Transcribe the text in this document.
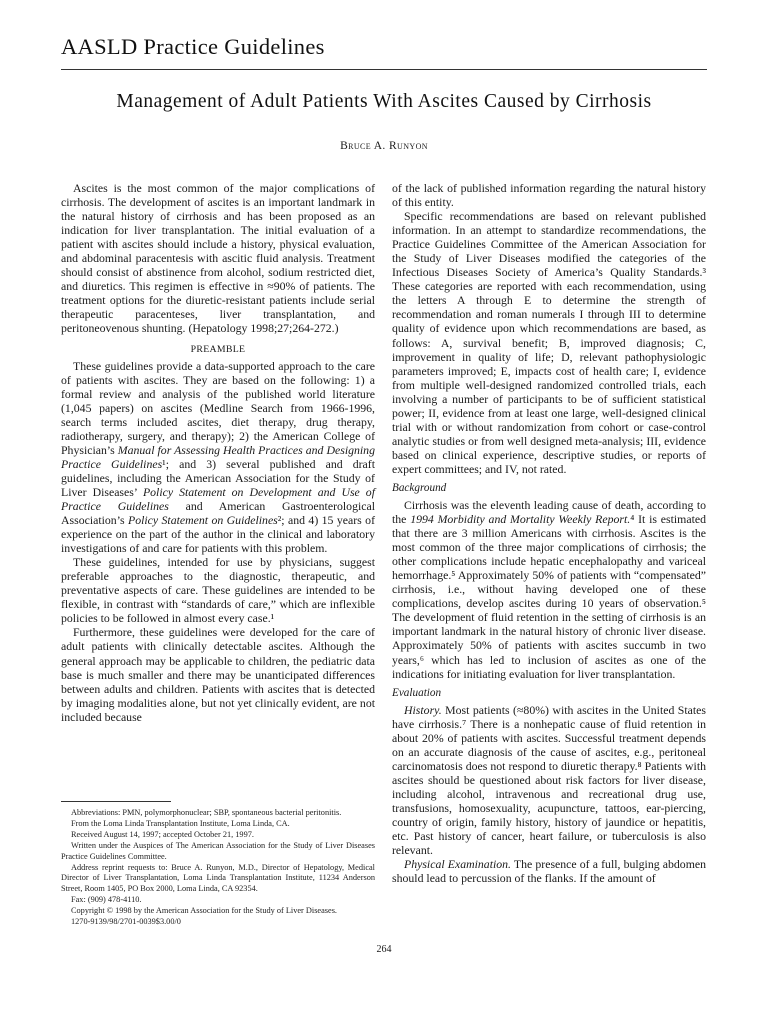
AASLD Practice Guidelines
Management of Adult Patients With Ascites Caused by Cirrhosis
Bruce A. Runyon

Ascites is the most common of the major complications of cirrhosis. The development of ascites is an important landmark in the natural history of cirrhosis and has been proposed as an indication for liver transplantation. The initial evaluation of a patient with ascites should include a history, physical evaluation, and abdominal paracentesis with ascitic fluid analysis. Treatment should consist of abstinence from alcohol, sodium restricted diet, and diuretics. This regimen is effective in ≈90% of patients. The treatment options for the diuretic-resistant patients include serial therapeutic paracenteses, liver transplantation, and peritoneovenous shunting. (Hepatology 1998;27;264-272.)

PREAMBLE

These guidelines provide a data-supported approach to the care of patients with ascites. They are based on the following: 1) a formal review and analysis of the published world literature (1,045 papers) on ascites (Medline Search from 1966-1996, search terms included ascites, diet therapy, drug therapy, radiotherapy, surgery, and therapy); 2) the American College of Physician’s Manual for Assessing Health Practices and Designing Practice Guidelines¹; and 3) several published and draft guidelines, including the American Association for the Study of Liver Diseases’ Policy Statement on Development and Use of Practice Guidelines and American Gastroenterological Association’s Policy Statement on Guidelines²; and 4) 15 years of experience on the part of the author in the clinical and laboratory investigations of and care for patients with this problem.

These guidelines, intended for use by physicians, suggest preferable approaches to the diagnostic, therapeutic, and preventative aspects of care. These guidelines are intended to be flexible, in contrast with “standards of care,” which are inflexible policies to be followed in almost every case.¹

Furthermore, these guidelines were developed for the care of adult patients with clinically detectable ascites. Although the general approach may be applicable to children, the pediatric data base is much smaller and there may be unanticipated differences between adults and children. Patients with ascites that is detected by imaging modalities alone, but not yet clinically evident, are not included because

Abbreviations: PMN, polymorphonuclear; SBP, spontaneous bacterial peritonitis.

From the Loma Linda Transplantation Institute, Loma Linda, CA.

Received August 14, 1997; accepted October 21, 1997.

Written under the Auspices of The American Association for the Study of Liver Diseases Practice Guidelines Committee.

Address reprint requests to: Bruce A. Runyon, M.D., Director of Hepatology, Medical Director of Liver Transplantation, Loma Linda Transplantation Institute, 11234 Anderson Street, Room 1405, PO Box 2000, Loma Linda, CA 92354.

Fax: (909) 478-4110.

Copyright © 1998 by the American Association for the Study of Liver Diseases.

1270-9139/98/2701-0039$3.00/0

of the lack of published information regarding the natural history of this entity.

Specific recommendations are based on relevant published information. In an attempt to standardize recommendations, the Practice Guidelines Committee of the American Association for the Study of Liver Diseases modified the categories of the Infectious Diseases Society of America’s Quality Standards.³ These categories are reported with each recommendation, using the letters A through E to determine the strength of recommendation and roman numerals I through III to determine quality of evidence upon which recommendations are based, as follows: A, survival benefit; B, improved diagnosis; C, improvement in quality of life; D, relevant pathophysiologic parameters improved; E, impacts cost of health care; I, evidence from multiple well-designed randomized controlled trials, each involving a number of participants to be of sufficient statistical power; II, evidence from at least one large, well-designed clinical trial with or without randomization from cohort or case-control analytic studies or from well designed meta-analysis; III, evidence based on clinical experience, descriptive studies, or reports of expert committees; and IV, not rated.

Background

Cirrhosis was the eleventh leading cause of death, according to the 1994 Morbidity and Mortality Weekly Report.⁴ It is estimated that there are 3 million Americans with cirrhosis. Ascites is the most common of the three major complications of cirrhosis; the other complications include hepatic encephalopathy and variceal hemorrhage.⁵ Approximately 50% of patients with “compensated” cirrhosis, i.e., without having developed one of these complications, develop ascites during 10 years of observation.⁵ The development of fluid retention in the setting of cirrhosis is an important landmark in the natural history of chronic liver disease. Approximately 50% of patients with ascites succumb in two years,⁶ which has led to inclusion of ascites as one of the indications for initiating evaluation for liver transplantation.

Evaluation

History. Most patients (≈80%) with ascites in the United States have cirrhosis.⁷ There is a nonhepatic cause of fluid retention in about 20% of patients with ascites. Successful treatment depends on an accurate diagnosis of the cause of ascites, e.g., peritoneal carcinomatosis does not respond to diuretic therapy.⁸ Patients with ascites should be questioned about risk factors for liver disease, including alcohol, intravenous and recreational drug use, transfusions, homosexuality, acupuncture, tattoos, ear-piercing, country of origin, family history, history of jaundice or hepatitis, etc. Past history of cancer, heart failure, or tuberculosis is also relevant.

Physical Examination. The presence of a full, bulging abdomen should lead to percussion of the flanks. If the amount of

264
